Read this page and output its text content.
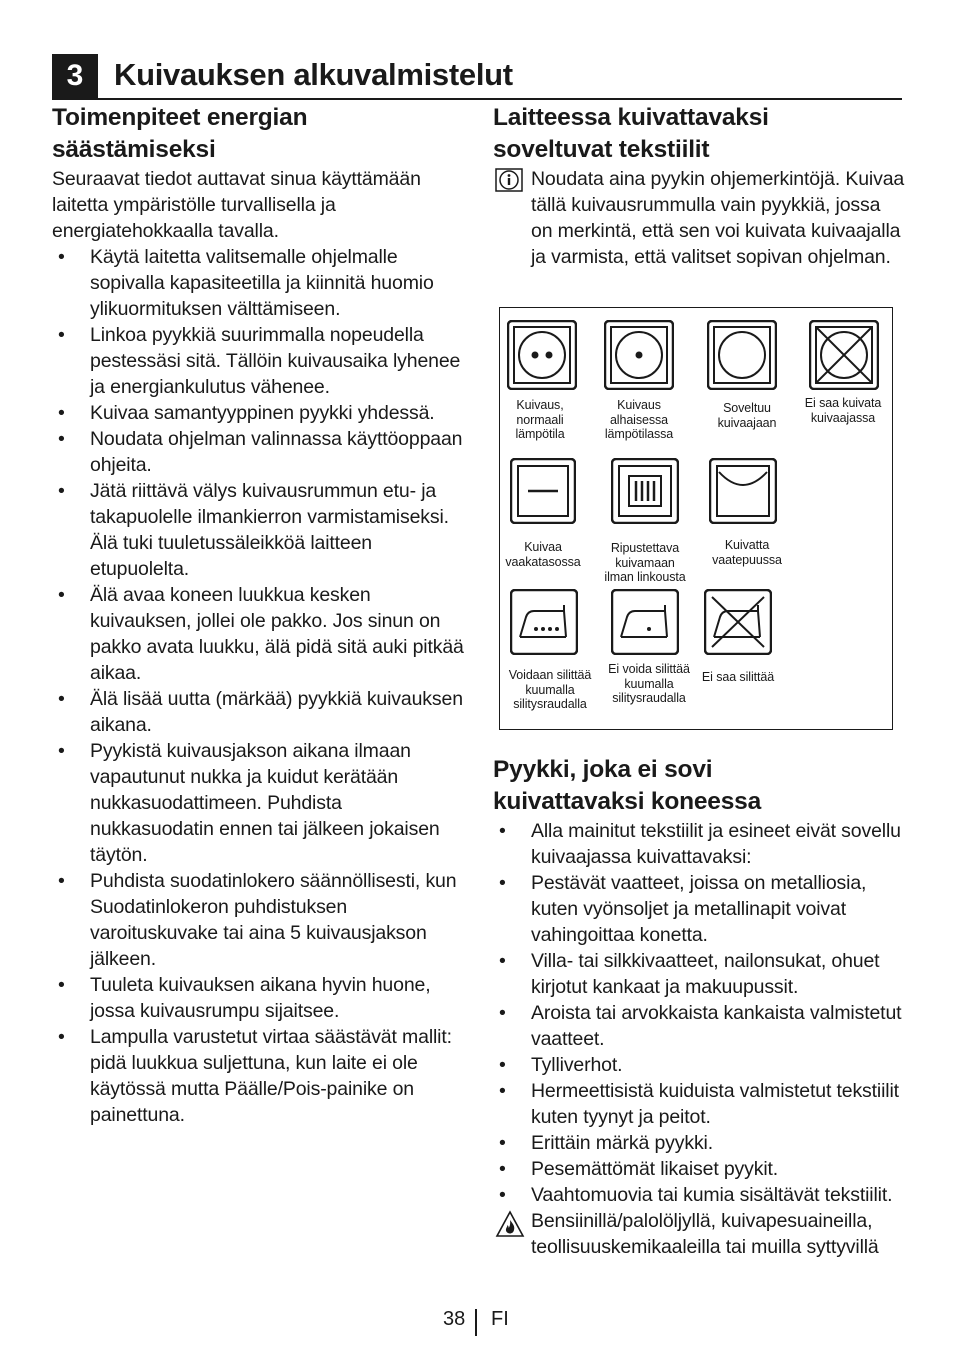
3 Kuivauksen alkuvalmistelut
Toimenpiteet energian
säästämiseksi

Seuraavat tiedot auttavat sinua käyttämään laitetta ympäristölle turvallisella ja energiatehokkaalla tavalla.

• Käytä laitetta valitsemalle ohjelmalle sopivalla kapasiteetilla ja kiinnitä huomio ylikuormituksen välttämiseen.
• Linkoa pyykkiä suurimmalla nopeudella pestessäsi sitä. Tällöin kuivausaika lyhenee ja energiankulutus vähenee.
• Kuivaa samantyyppinen pyykki yhdessä.
• Noudata ohjelman valinnassa käyttöoppaan ohjeita.
• Jätä riittävä välys kuivausrummun etu- ja takapuolelle ilmankierron varmistamiseksi. Älä tuki tuuletussäleikköä laitteen etupuolelta.
• Älä avaa koneen luukkua kesken kuivauksen, jollei ole pakko. Jos sinun on pakko avata luukku, älä pidä sitä auki pitkää aikaa.
• Älä lisää uutta (märkää) pyykkiä kuivauksen aikana.
• Pyykistä kuivausjakson aikana ilmaan vapautunut nukka ja kuidut kerätään nukkasuodattimeen. Puhdista nukkasuodatin ennen tai jälkeen jokaisen täytön.
• Puhdista suodatinlokero säännöllisesti, kun Suodatinlokeron puhdistuksen varoituskuvake tai aina 5 kuivausjakson jälkeen.
• Tuuleta kuivauksen aikana hyvin huone, jossa kuivausrumpu sijaitsee.
• Lampulla varustetut virtaa säästävät mallit: pidä luukkua suljettuna, kun laite ei ole käytössä mutta Päälle/Pois-painike on painettuna.
Laitteessa kuivattavaksi
soveltuvat tekstiilit

Noudata aina pyykin ohjemerkintöjä. Kuivaa tällä kuivausrummulla vain pyykkiä, jossa on merkintä, että sen voi kuivata kuivaajalla ja varmista, että valitset sopivan ohjelman.

Kuivaus, normaali lämpötila
Kuivaus alhaisessa lämpötilassa
Soveltuu kuivaajaan
Ei saa kuivata kuivaajassa
Kuivaa vaakatasossa
Ripustettava kuivamaan ilman linkousta
Kuivatta vaatepuussa
Voidaan silittää kuumalla silitysraudalla
Ei voida silittää kuumalla silitysraudalla
Ei saa silittää
Pyykki, joka ei sovi
kuivattavaksi koneessa
• Alla mainitut tekstiilit ja esineet eivät sovellu kuivaajassa kuivattavaksi:
• Pestävät vaatteet, joissa on metalliosia, kuten vyönsoljet ja metallinapit voivat vahingoittaa konetta.
• Villa- tai silkkivaatteet, nailonsukat, ohuet kirjotut kankaat ja makuupussit.
• Aroista tai arvokkaista kankaista valmistetut vaatteet.
• Tylliverhot.
• Hermeettisistä kuiduista valmistetut tekstiilit kuten tyynyt ja peitot.
• Erittäin märkä pyykki.
• Pesemättömät likaiset pyykit.
• Vaahtomuovia tai kumia sisältävät tekstiilit.

Bensiinillä/palolöljyllä, kuivapesuaineilla, teollisuuskemikaaleilla tai muilla syttyvillä

38 FI
